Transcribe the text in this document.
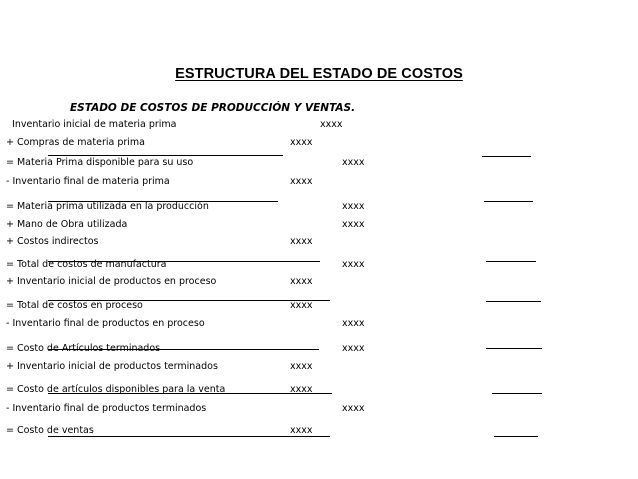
ESTRUCTURA DEL ESTADO DE COSTOS
ESTADO DE COSTOS DE PRODUCCIÓN Y VENTAS.
Inventario inicial de materia prima	xxxx
+ Compras de materia prima	xxxx
= Materia Prima disponible para su uso	xxxx
- Inventario final de materia prima	xxxx
= Materia prima utilizada en la producción	xxxx
+ Mano de Obra utilizada	xxxx
+ Costos indirectos	xxxx
= Total de costos de manufactura	xxxx
+ Inventario inicial de productos en proceso	xxxx
= Total de costos en proceso	xxxx
- Inventario final de productos en proceso	xxxx
= Costo de Artículos terminados	xxxx
+ Inventario inicial de productos terminados	xxxx
= Costo de artículos disponibles para la venta	xxxx
- Inventario final de productos terminados	xxxx
= Costo de ventas	xxxx
